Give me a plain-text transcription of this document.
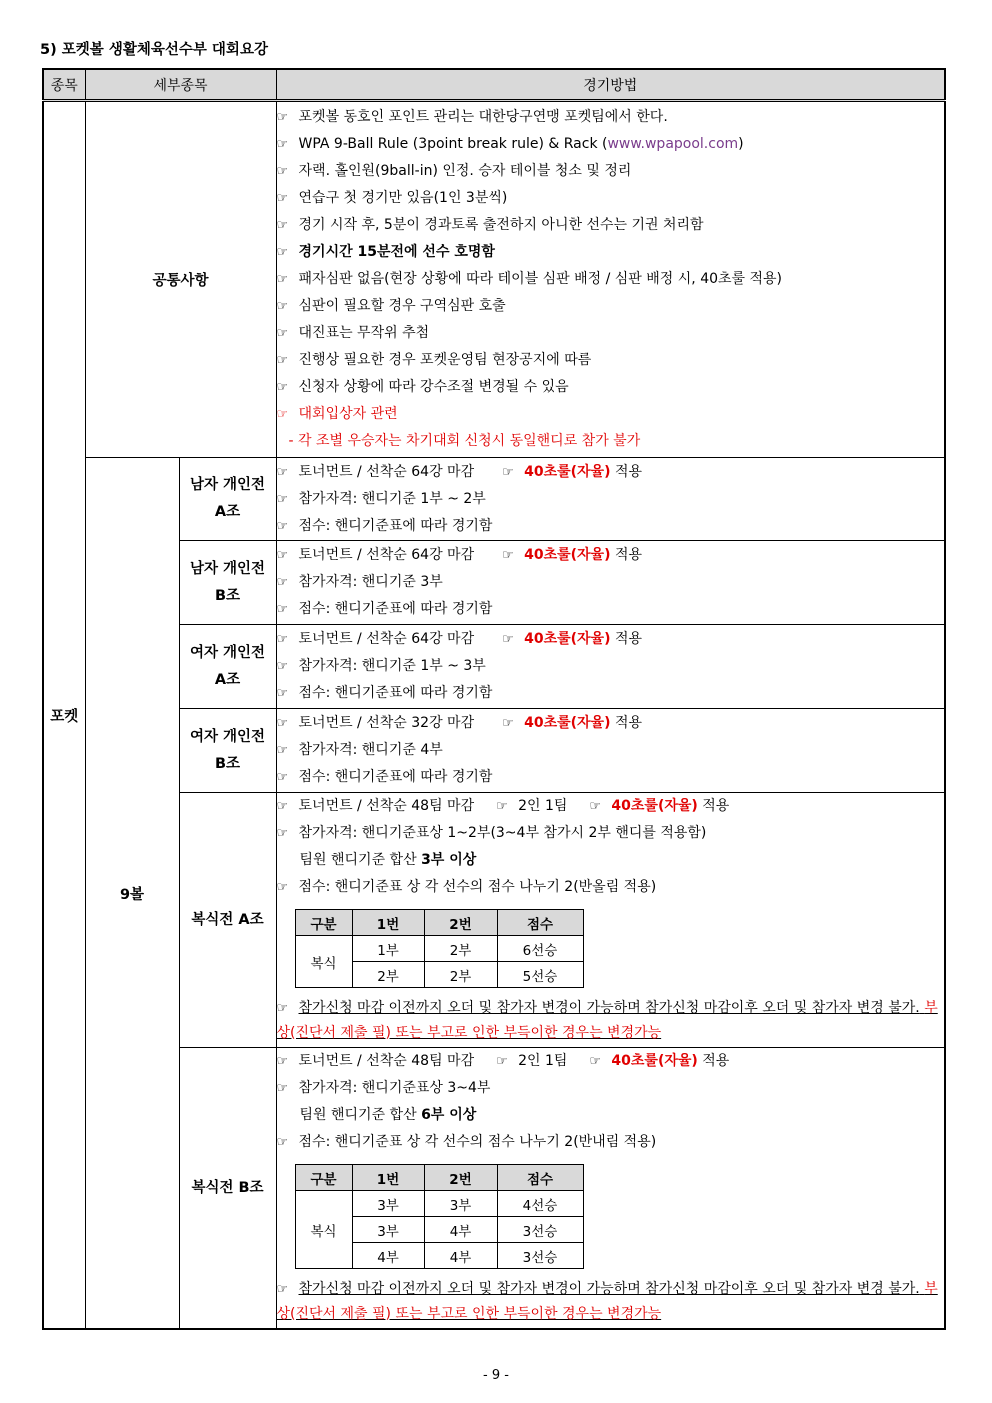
5) 포켓볼 생활체육선수부 대회요강
종목	세부종목	경기방법
포켓	공통사항	
☞ 포켓볼 동호인 포인트 관리는 대한당구연맹 포켓팀에서 한다.
☞ WPA 9-Ball Rule (3point break rule) & Rack (www.wpapool.com)
☞ 자랙. 홀인원(9ball-in) 인정. 승자 테이블 청소 및 정리
☞ 연습구 첫 경기만 있음(1인 3분씩)
☞ 경기 시작 후, 5분이 경과토록 출전하지 아니한 선수는 기권 처리함
☞ 경기시간 15분전에 선수 호명함
☞ 패자심판 없음(현장 상황에 따라 테이블 심판 배정 / 심판 배정 시, 40초룰 적용)
☞ 심판이 필요할 경우 구역심판 호출
☞ 대진표는 무작위 추첨
☞ 진행상 필요한 경우 포켓운영팀 현장공지에 따름
☞ 신청자 상황에 따라 강수조절 변경될 수 있음
☞ 대회입상자 관련
- 각 조별 우승자는 차기대회 신청시 동일핸디로 참가 불가

9볼	남자 개인전
A조	
☞ 토너먼트 / 선착순 64강 마감 ☞ 40초룰(자율) 적용
☞ 참가자격: 핸디기준 1부 ~ 2부
☞ 점수: 핸디기준표에 따라 경기함

남자 개인전
B조	
☞ 토너먼트 / 선착순 64강 마감 ☞ 40초룰(자율) 적용
☞ 참가자격: 핸디기준 3부
☞ 점수: 핸디기준표에 따라 경기함

여자 개인전
A조	
☞ 토너먼트 / 선착순 64강 마감 ☞ 40초룰(자율) 적용
☞ 참가자격: 핸디기준 1부 ~ 3부
☞ 점수: 핸디기준표에 따라 경기함

여자 개인전
B조	
☞ 토너먼트 / 선착순 32강 마감 ☞ 40초룰(자율) 적용
☞ 참가자격: 핸디기준 4부
☞ 점수: 핸디기준표에 따라 경기함

복식전 A조	
☞ 토너먼트 / 선착순 48팀 마감 ☞ 2인 1팀 ☞ 40초룰(자율) 적용
☞ 참가자격: 핸디기준표상 1~2부(3~4부 참가시 2부 핸디를 적용함)
팀원 핸디기준 합산 3부 이상
☞ 점수: 핸디기준표 상 각 선수의 점수 나누기 2(반올림 적용)
구분	1번	2번	점수
복식	1부	2부	6선승
2부	2부	5선승
☞ 참가신청 마감 이전까지 오더 및 참가자 변경이 가능하며 참가신청 마감이후 오더 및 참가자 변경 불가. 부상(진단서 제출 필) 또는 부고로 인한 부득이한 경우는 변경가능

복식전 B조	
☞ 토너먼트 / 선착순 48팀 마감 ☞ 2인 1팀 ☞ 40초룰(자율) 적용
☞ 참가자격: 핸디기준표상 3~4부
팀원 핸디기준 합산 6부 이상
☞ 점수: 핸디기준표 상 각 선수의 점수 나누기 2(반내림 적용)
구분	1번	2번	점수
복식	3부	3부	4선승
3부	4부	3선승
4부	4부	3선승
☞ 참가신청 마감 이전까지 오더 및 참가자 변경이 가능하며 참가신청 마감이후 오더 및 참가자 변경 불가. 부상(진단서 제출 필) 또는 부고로 인한 부득이한 경우는 변경가능
- 9 -
